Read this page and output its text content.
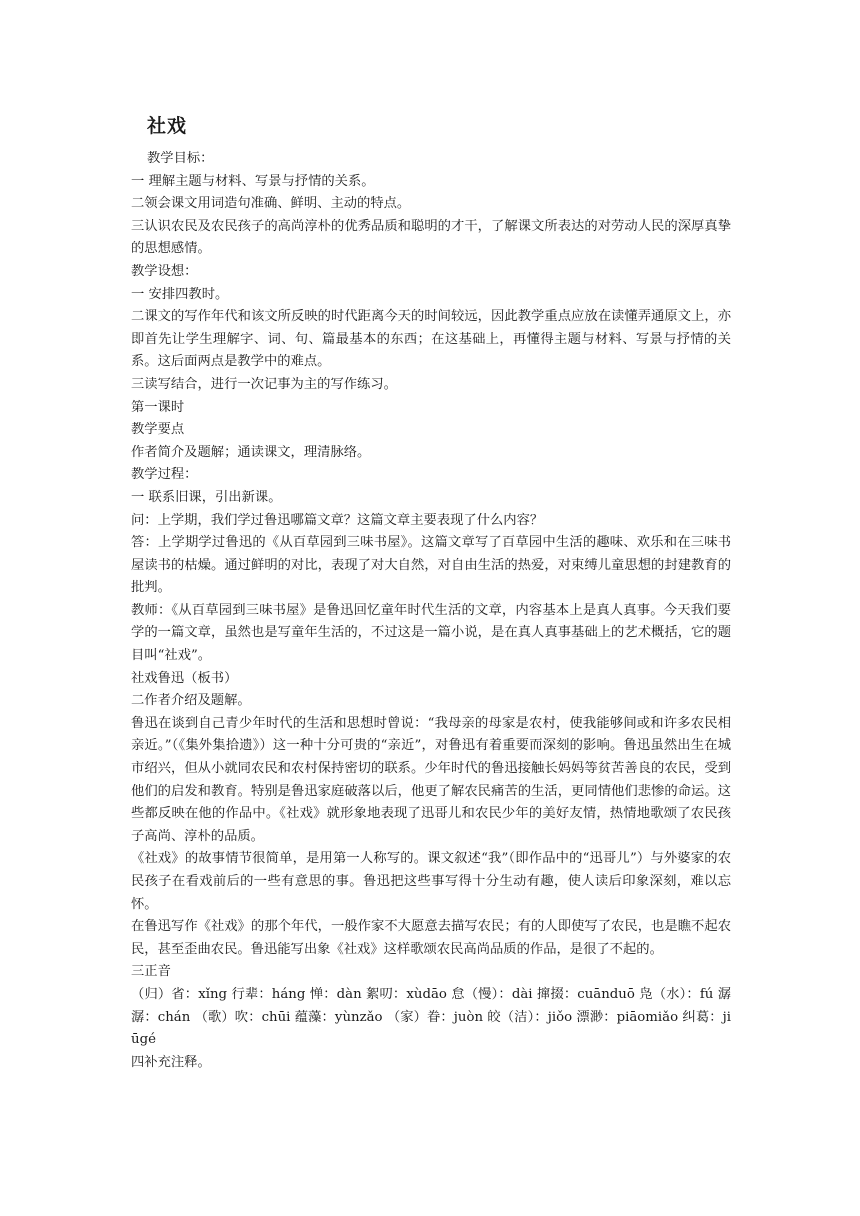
社戏

教学目标：

一 理解主题与材料、写景与抒情的关系。

二领会课文用词造句准确、鲜明、主动的特点。

三认识农民及农民孩子的高尚淳朴的优秀品质和聪明的才干，了解课文所表达的对劳动人民的深厚真挚的思想感情。

教学设想：

一 安排四教时。

二课文的写作年代和该文所反映的时代距离今天的时间较远，因此教学重点应放在读懂弄通原文上，亦即首先让学生理解字、词、句、篇最基本的东西；在这基础上，再懂得主题与材料、写景与抒情的关系。这后面两点是教学中的难点。

三读写结合，进行一次记事为主的写作练习。

第一课时

教学要点

作者简介及题解；通读课文，理清脉络。

教学过程：

一 联系旧课，引出新课。

问：上学期，我们学过鲁迅哪篇文章？这篇文章主要表现了什么内容？

答：上学期学过鲁迅的《从百草园到三味书屋》。这篇文章写了百草园中生活的趣味、欢乐和在三味书屋读书的枯燥。通过鲜明的对比，表现了对大自然，对自由生活的热爱，对束缚儿童思想的封建教育的批判。

教师：《从百草园到三味书屋》是鲁迅回忆童年时代生活的文章，内容基本上是真人真事。今天我们要学的一篇文章，虽然也是写童年生活的，不过这是一篇小说，是在真人真事基础上的艺术概括，它的题目叫“社戏”。

社戏鲁迅（板书）

二作者介绍及题解。

鲁迅在谈到自己青少年时代的生活和思想时曾说：“我母亲的母家是农村，使我能够间或和许多农民相亲近。”（《集外集拾遗》）这一种十分可贵的“亲近”，对鲁迅有着重要而深刻的影响。鲁迅虽然出生在城市绍兴，但从小就同农民和农村保持密切的联系。少年时代的鲁迅接触长妈妈等贫苦善良的农民，受到他们的启发和教育。特别是鲁迅家庭破落以后，他更了解农民痛苦的生活，更同情他们悲惨的命运。这些都反映在他的作品中。《社戏》就形象地表现了迅哥儿和农民少年的美好友情，热情地歌颂了农民孩子高尚、淳朴的品质。

《社戏》的故事情节很简单，是用第一人称写的。课文叙述“我”（即作品中的“迅哥儿”）与外婆家的农民孩子在看戏前后的一些有意思的事。鲁迅把这些事写得十分生动有趣，使人读后印象深刻，难以忘怀。

在鲁迅写作《社戏》的那个年代，一般作家不大愿意去描写农民；有的人即使写了农民，也是瞧不起农民，甚至歪曲农民。鲁迅能写出象《社戏》这样歌颂农民高尚品质的作品，是很了不起的。

三正音

（归）省：xǐng 行辈：háng 惮：dàn 絮叨：xùdāo 怠（慢）：dài 撺掇：cuānduō 凫（水）：fú 潺潺：chán （歌）吹：chūi 蕴藻：yùnzǎo （家）眷：juòn 皎（洁）：jiǒo 漂渺：piāomiǎo 纠葛：jiūgé

四补充注释。
